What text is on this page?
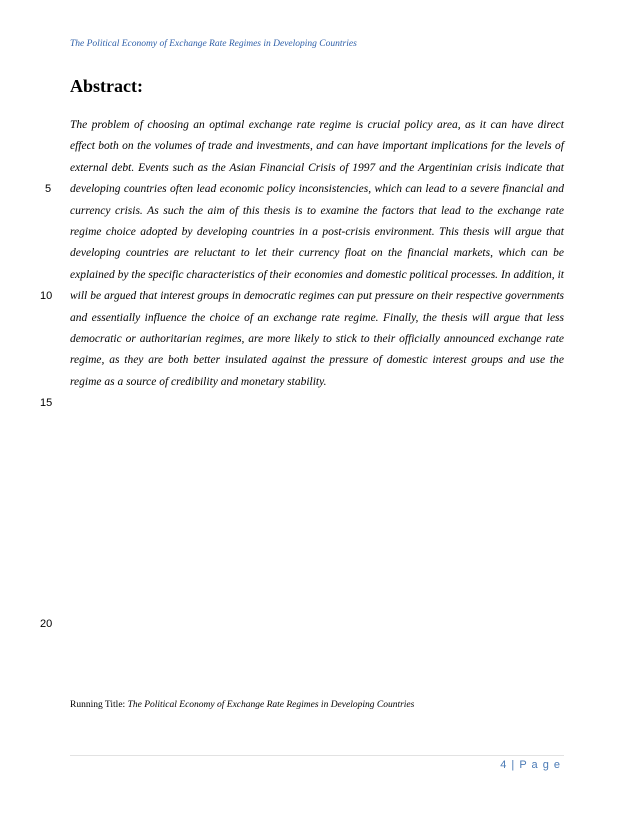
The Political Economy of Exchange Rate Regimes in Developing Countries
Abstract:

The problem of choosing an optimal exchange rate regime is crucial policy area, as it can have direct effect both on the volumes of trade and investments, and can have important implications for the levels of external debt. Events such as the Asian Financial Crisis of 1997 and the Argentinian crisis indicate that developing countries often lead economic policy inconsistencies, which can lead to a severe financial and currency crisis. As such the aim of this thesis is to examine the factors that lead to the exchange rate regime choice adopted by developing countries in a post-crisis environment. This thesis will argue that developing countries are reluctant to let their currency float on the financial markets, which can be explained by the specific characteristics of their economies and domestic political processes. In addition, it will be argued that interest groups in democratic regimes can put pressure on their respective governments and essentially influence the choice of an exchange rate regime. Finally, the thesis will argue that less democratic or authoritarian regimes, are more likely to stick to their officially announced exchange rate regime, as they are both better insulated against the pressure of domestic interest groups and use the regime as a source of credibility and monetary stability.

5
10
15
20
Running Title: The Political Economy of Exchange Rate Regimes in Developing Countries
4 | P a g e
